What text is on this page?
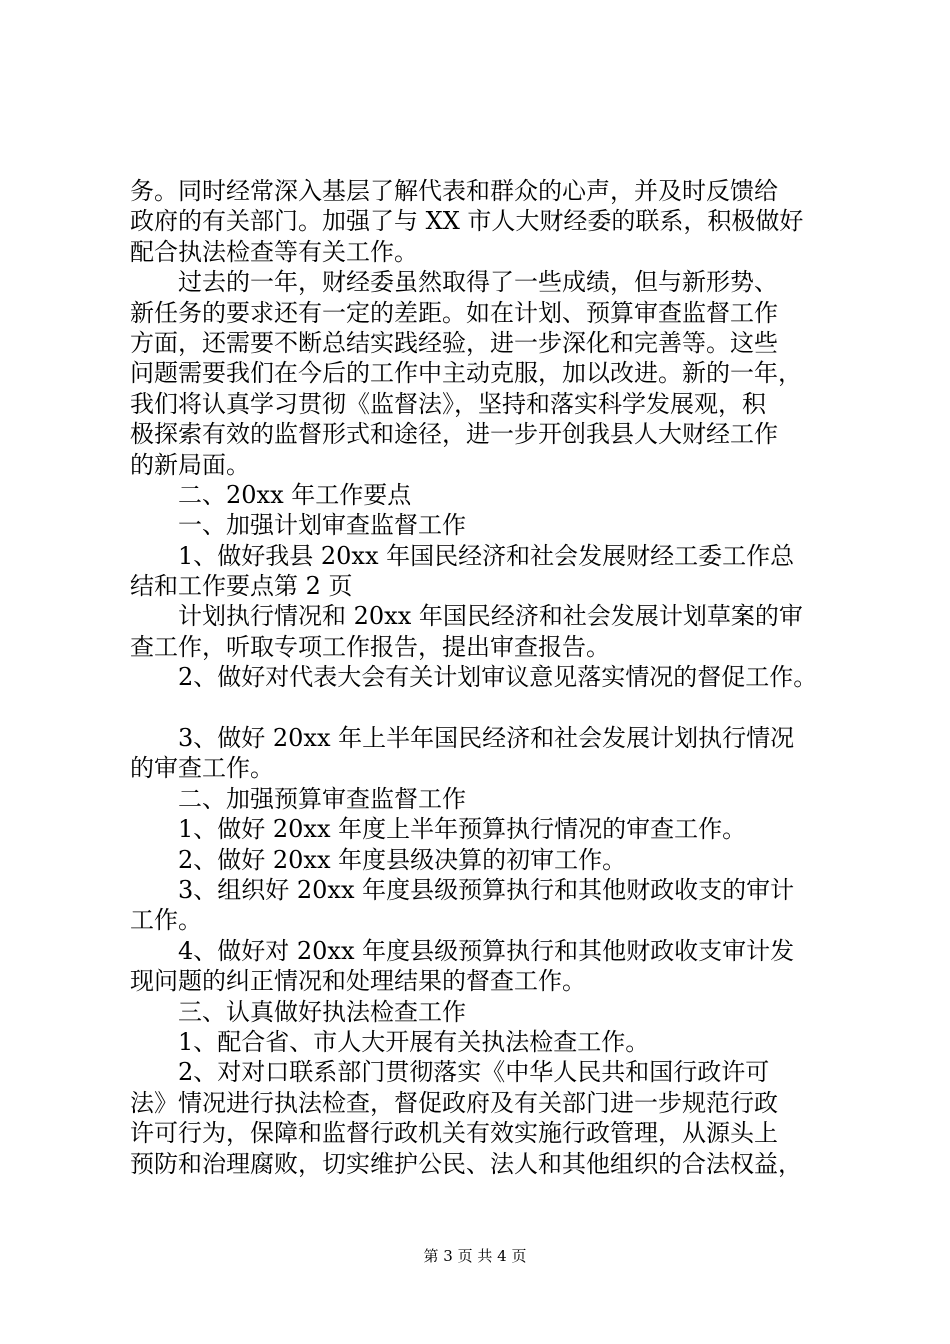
务。同时经常深入基层了解代表和群众的心声，并及时反馈给
政府的有关部门。加强了与 XX 市人大财经委的联系，积极做好
配合执法检查等有关工作。
过去的一年，财经委虽然取得了一些成绩，但与新形势、
新任务的要求还有一定的差距。如在计划、预算审查监督工作
方面，还需要不断总结实践经验，进一步深化和完善等。这些
问题需要我们在今后的工作中主动克服，加以改进。新的一年，
我们将认真学习贯彻《监督法》，坚持和落实科学发展观，积
极探索有效的监督形式和途径，进一步开创我县人大财经工作
的新局面。
二、20xx 年工作要点
一、加强计划审查监督工作
1、做好我县 20xx 年国民经济和社会发展财经工委工作总
结和工作要点第 2 页
计划执行情况和 20xx 年国民经济和社会发展计划草案的审
查工作，听取专项工作报告，提出审查报告。
2、做好对代表大会有关计划审议意见落实情况的督促工作。
3、做好 20xx 年上半年国民经济和社会发展计划执行情况
的审查工作。
二、加强预算审查监督工作
1、做好 20xx 年度上半年预算执行情况的审查工作。
2、做好 20xx 年度县级决算的初审工作。
3、组织好 20xx 年度县级预算执行和其他财政收支的审计
工作。
4、做好对 20xx 年度县级预算执行和其他财政收支审计发
现问题的纠正情况和处理结果的督查工作。
三、认真做好执法检查工作
1、配合省、市人大开展有关执法检查工作。
2、对对口联系部门贯彻落实《中华人民共和国行政许可
法》情况进行执法检查，督促政府及有关部门进一步规范行政
许可行为，保障和监督行政机关有效实施行政管理，从源头上
预防和治理腐败，切实维护公民、法人和其他组织的合法权益，
第 3 页 共 4 页
